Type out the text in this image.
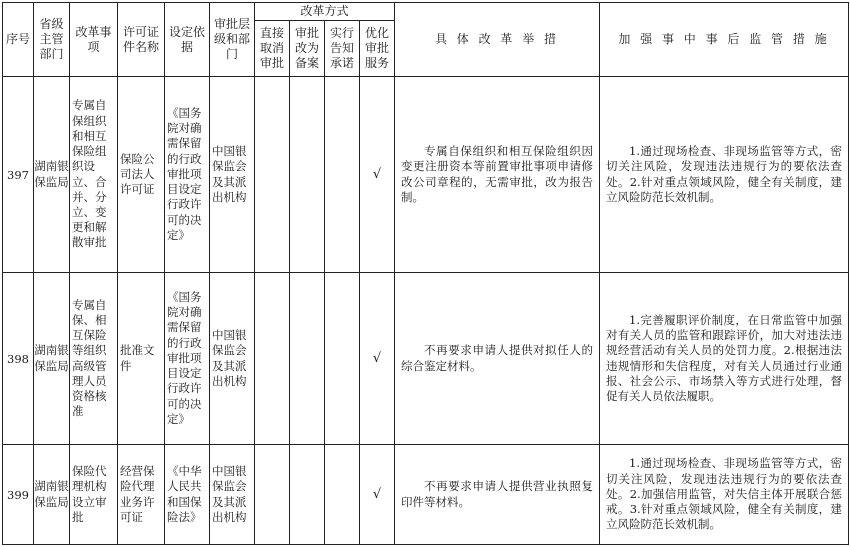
序号	省级主管部门	改革事项	许可证件名称	设定依据	审批层级和部门	改革方式				具 体 改 革 举 措	加 强 事 中 事 后 监 管 措 施
						直接取消审批	审批改为备案	实行告知承诺	优化审批服务		
397	湖南银保监局	专属自保组织和相互保险组织设立、合并、分立、变更和解散审批	保险公司法人许可证	《国务院对确需保留的行政审批项目设定行政许可的决定》	中国银保监会及其派出机构				√	专属自保组织和相互保险组织因变更注册资本等前置审批事项申请修改公司章程的，无需审批，改为报告制。	1.通过现场检查、非现场监管等方式，密切关注风险，发现违法违规行为的要依法查处。2.针对重点领域风险，健全有关制度，建立风险防范长效机制。
398	湖南银保监局	专属自保、相互保险等组织高级管理人员资格核准	批准文件	《国务院对确需保留的行政审批项目设定行政许可的决定》	中国银保监会及其派出机构				√	不再要求申请人提供对拟任人的综合鉴定材料。	1.完善履职评价制度，在日常监管中加强对有关人员的监管和跟踪评价，加大对违法违规经营活动有关人员的处罚力度。2.根据违法违规情形和失信程度，对有关人员通过行业通报、社会公示、市场禁入等方式进行处理，督促有关人员依法履职。
399	湖南银保监局	保险代理机构设立审批	经营保险代理业务许可证	《中华人民共和国保险法》	中国银保监会及其派出机构				√	不再要求申请人提供营业执照复印件等材料。	1.通过现场检查、非现场监管等方式，密切关注风险，发现违法违规行为的要依法查处。2.加强信用监管，对失信主体开展联合惩戒。3.针对重点领域风险，健全有关制度，建立风险防范长效机制。
